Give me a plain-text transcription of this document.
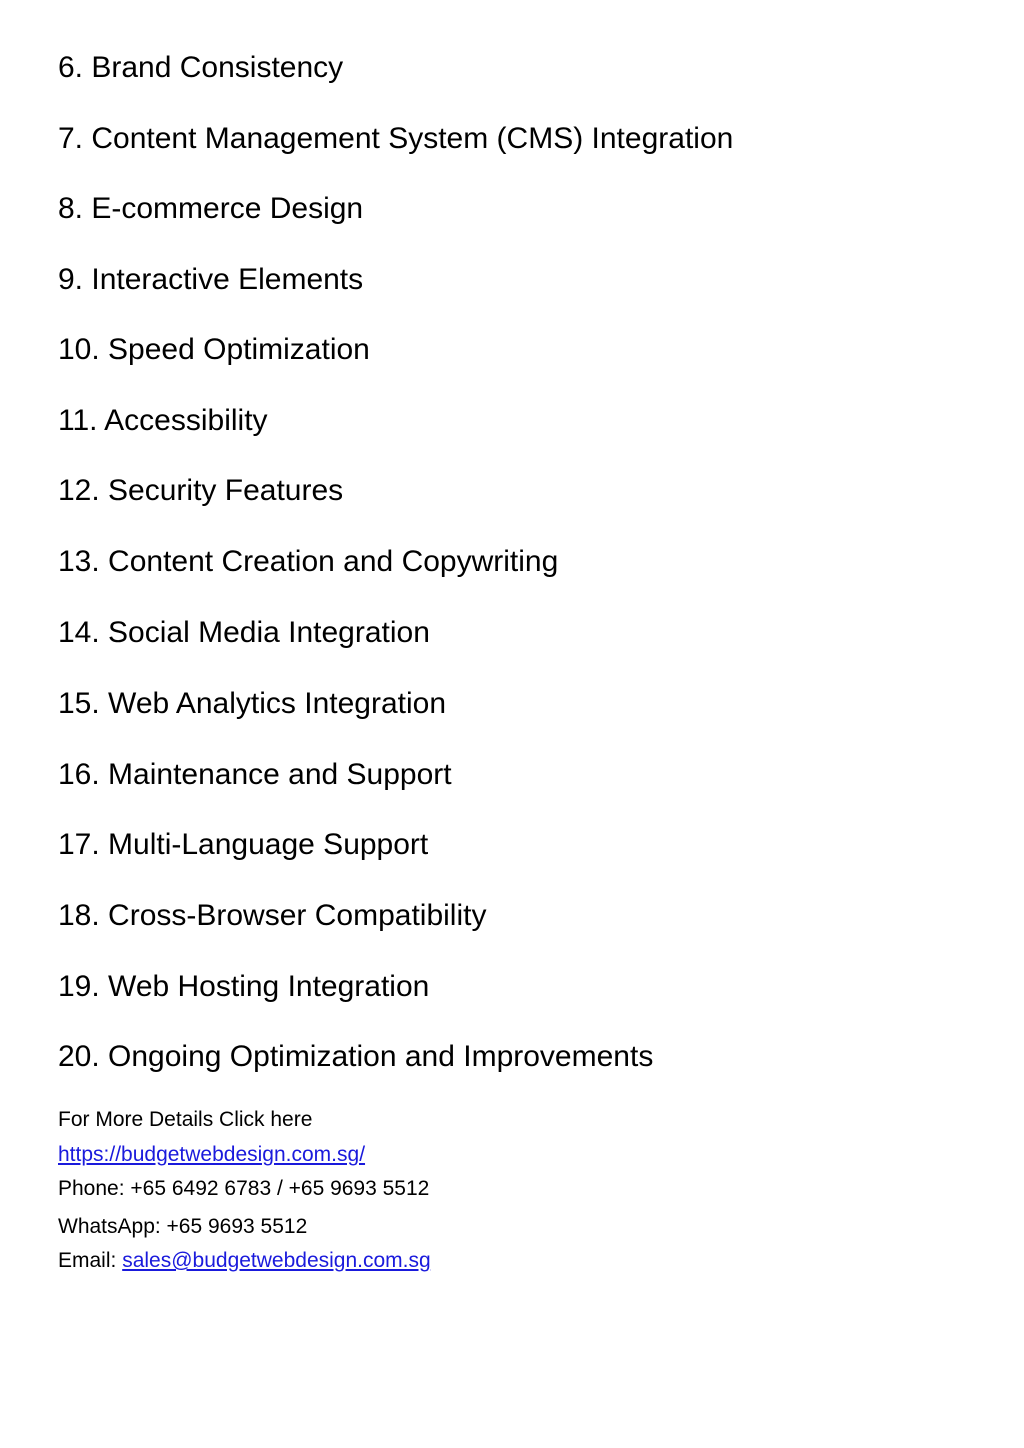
6. Brand Consistency
7. Content Management System (CMS) Integration
8. E-commerce Design
9. Interactive Elements
10. Speed Optimization
11. Accessibility
12. Security Features
13. Content Creation and Copywriting
14. Social Media Integration
15. Web Analytics Integration
16. Maintenance and Support
17. Multi-Language Support
18. Cross-Browser Compatibility
19. Web Hosting Integration
20. Ongoing Optimization and Improvements
For More Details Click here
https://budgetwebdesign.com.sg/
Phone: +65 6492 6783 / +65 9693 5512
WhatsApp: +65 9693 5512
Email: sales@budgetwebdesign.com.sg
